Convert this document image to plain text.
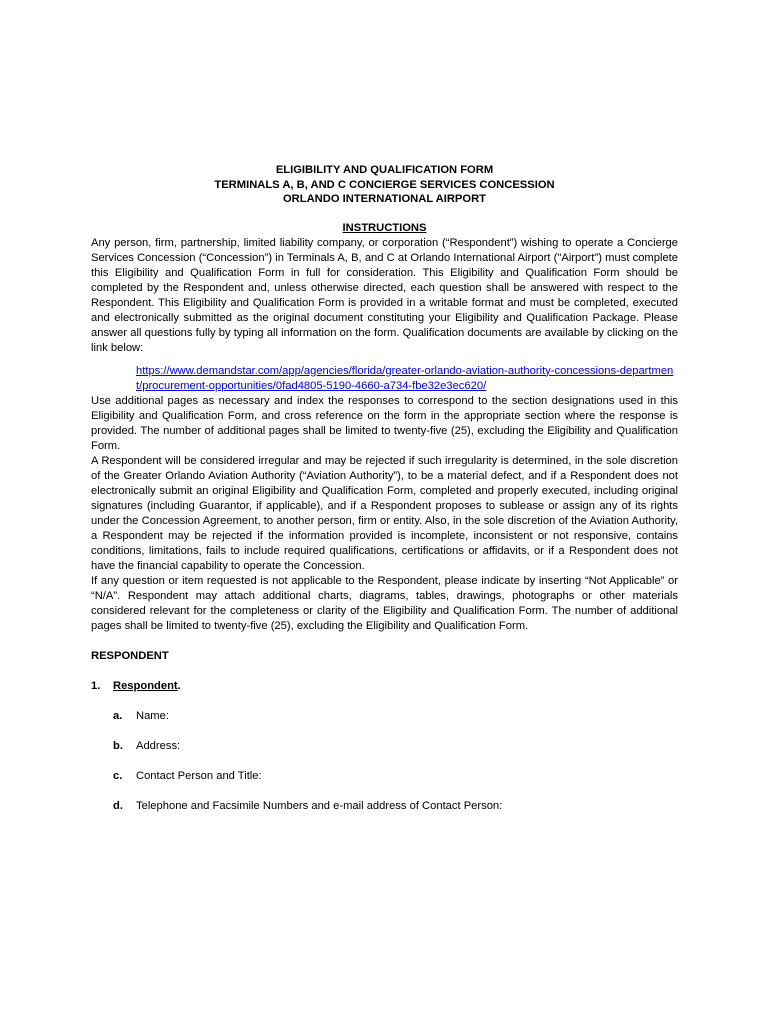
ELIGIBILITY AND QUALIFICATION FORM
TERMINALS A, B, AND C CONCIERGE SERVICES CONCESSION
ORLANDO INTERNATIONAL AIRPORT
INSTRUCTIONS

Any person, firm, partnership, limited liability company, or corporation (“Respondent”) wishing to operate a Concierge Services Concession (“Concession”) in Terminals A, B, and C at Orlando International Airport ("Airport") must complete this Eligibility and Qualification Form in full for consideration. This Eligibility and Qualification Form should be completed by the Respondent and, unless otherwise directed, each question shall be answered with respect to the Respondent. This Eligibility and Qualification Form is provided in a writable format and must be completed, executed and electronically submitted as the original document constituting your Eligibility and Qualification Package. Please answer all questions fully by typing all information on the form. Qualification documents are available by clicking on the link below:

https://www.demandstar.com/app/agencies/florida/greater-orlando-aviation-authority-concessions-department/procurement-opportunities/0fad4805-5190-4660-a734-fbe32e3ec620/

Use additional pages as necessary and index the responses to correspond to the section designations used in this Eligibility and Qualification Form, and cross reference on the form in the appropriate section where the response is provided. The number of additional pages shall be limited to twenty-five (25), excluding the Eligibility and Qualification Form.

A Respondent will be considered irregular and may be rejected if such irregularity is determined, in the sole discretion of the Greater Orlando Aviation Authority (“Aviation Authority”), to be a material defect, and if a Respondent does not electronically submit an original Eligibility and Qualification Form, completed and properly executed, including original signatures (including Guarantor, if applicable), and if a Respondent proposes to sublease or assign any of its rights under the Concession Agreement, to another person, firm or entity. Also, in the sole discretion of the Aviation Authority, a Respondent may be rejected if the information provided is incomplete, inconsistent or not responsive, contains conditions, limitations, fails to include required qualifications, certifications or affidavits, or if a Respondent does not have the financial capability to operate the Concession.

If any question or item requested is not applicable to the Respondent, please indicate by inserting “Not Applicable” or “N/A”. Respondent may attach additional charts, diagrams, tables, drawings, photographs or other materials considered relevant for the completeness or clarity of the Eligibility and Qualification Form. The number of additional pages shall be limited to twenty-five (25), excluding the Eligibility and Qualification Form.

RESPONDENT
1.	Respondent.
a.	Name:
b.	Address:
c.	Contact Person and Title:
d.	Telephone and Facsimile Numbers and e-mail address of Contact Person:
